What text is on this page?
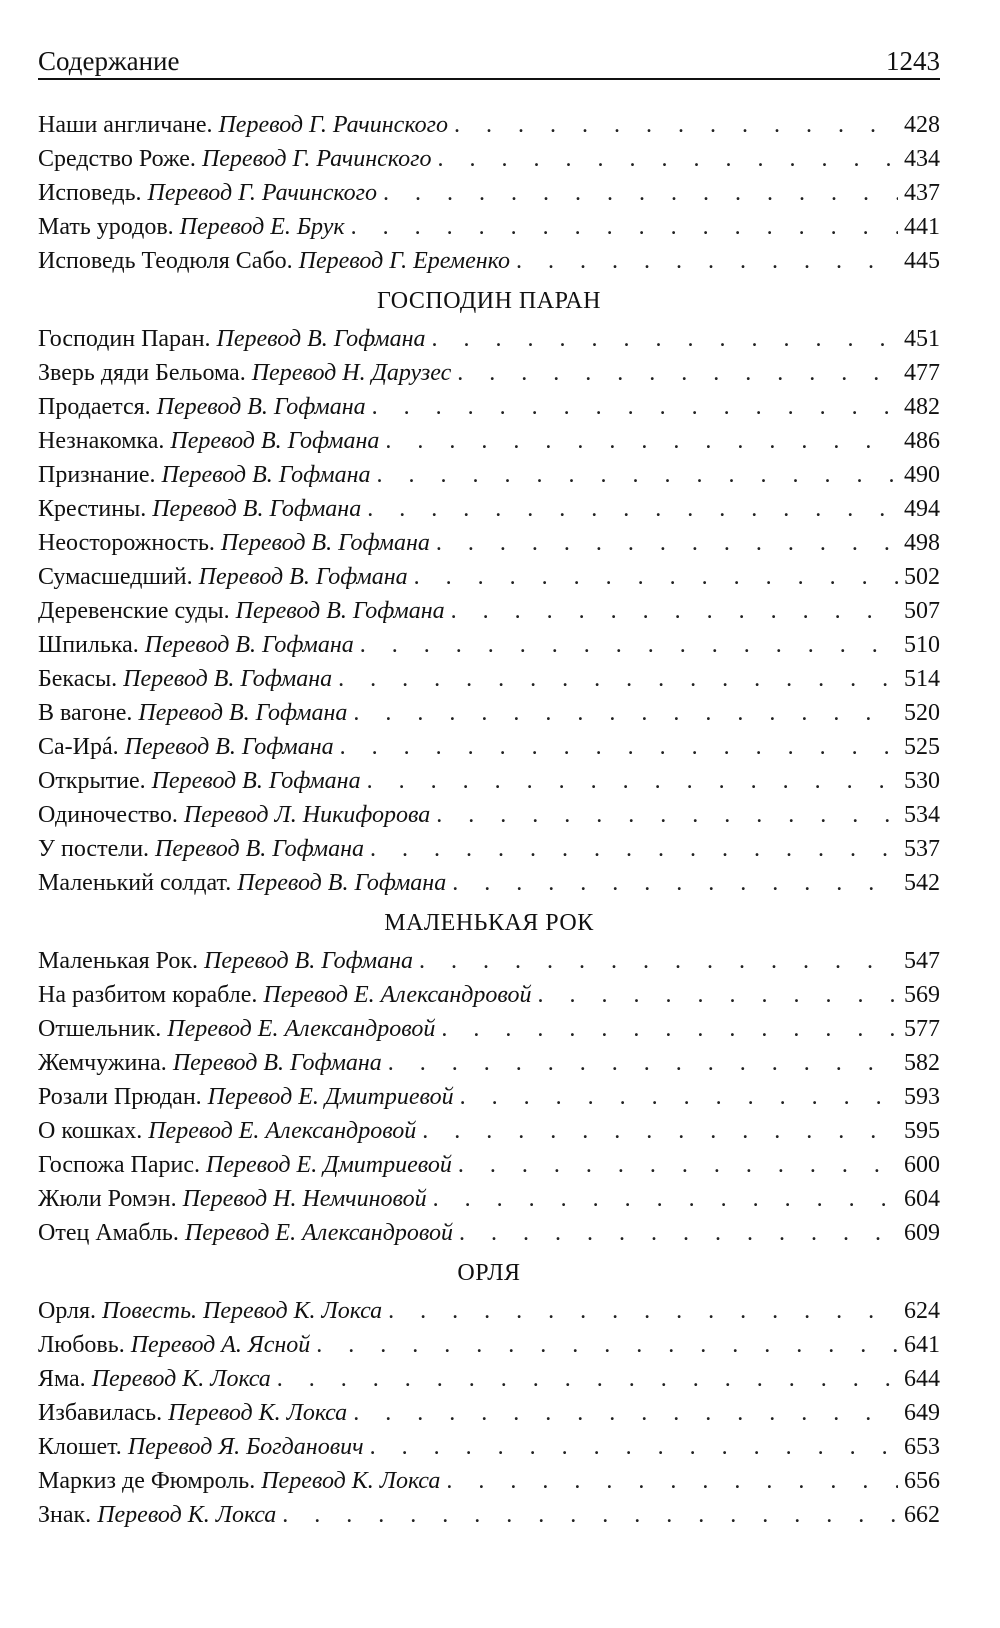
Содержание	1243
Наши англичане. Перевод Г. Рачинского . . .	428
Средство Роже. Перевод Г. Рачинского . . .	434
Исповедь. Перевод Г. Рачинского . . .	437
Мать уродов. Перевод Е. Брук . . .	441
Исповедь Теодюля Сабо. Перевод Г. Еременко . . .	445
ГОСПОДИН ПАРАН
Господин Паран. Перевод В. Гофмана . . .	451
Зверь дяди Бельома. Перевод Н. Дарузес . . .	477
Продается. Перевод В. Гофмана . . .	482
Незнакомка. Перевод В. Гофмана . . .	486
Признание. Перевод В. Гофмана . . .	490
Крестины. Перевод В. Гофмана . . .	494
Неосторожность. Перевод В. Гофмана . . .	498
Сумасшедший. Перевод В. Гофмана . . .	502
Деревенские суды. Перевод В. Гофмана . . .	507
Шпилька. Перевод В. Гофмана . . .	510
Бекасы. Перевод В. Гофмана . . .	514
В вагоне. Перевод В. Гофмана . . .	520
Са-Ирá. Перевод В. Гофмана . . .	525
Открытие. Перевод В. Гофмана . . .	530
Одиночество. Перевод Л. Никифорова . . .	534
У постели. Перевод В. Гофмана . . .	537
Маленький солдат. Перевод В. Гофмана . . .	542
МАЛЕНЬКАЯ РОК
Маленькая Рок. Перевод В. Гофмана . . .	547
На разбитом корабле. Перевод Е. Александровой . . .	569
Отшельник. Перевод Е. Александровой . . .	577
Жемчужина. Перевод В. Гофмана . . .	582
Розали Прюдан. Перевод Е. Дмитриевой . . .	593
О кошках. Перевод Е. Александровой . . .	595
Госпожа Парис. Перевод Е. Дмитриевой . . .	600
Жюли Ромэн. Перевод Н. Немчиновой . . .	604
Отец Амабль. Перевод Е. Александровой . . .	609
ОРЛЯ
Орля. Повесть. Перевод К. Локса . . .	624
Любовь. Перевод А. Ясной . . .	641
Яма. Перевод К. Локса . . .	644
Избавилась. Перевод К. Локса . . .	649
Клошет. Перевод Я. Богданович . . .	653
Маркиз де Фюмроль. Перевод К. Локса . . .	656
Знак. Перевод К. Локса . . .	662
